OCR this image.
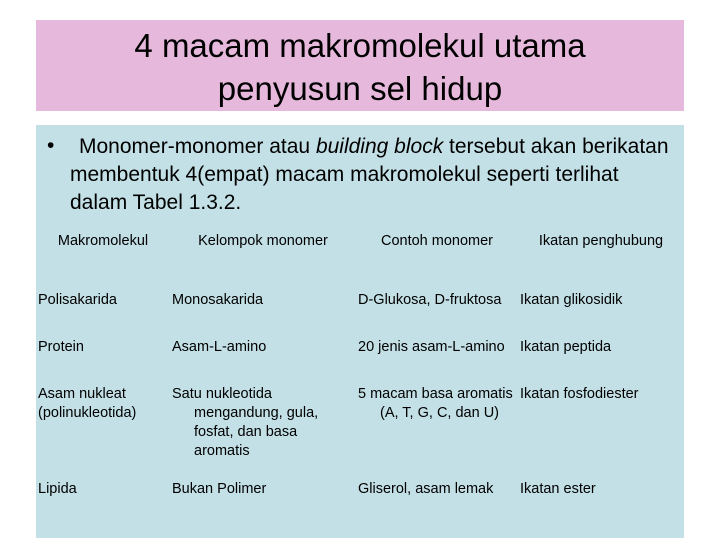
4 macam makromolekul utama
penyusun sel hidup
•	Monomer-monomer atau building block tersebut akan berikatan membentuk 4(empat) macam makromolekul seperti terlihat dalam Tabel 1.3.2.
Makromolekul	Kelompok monomer	Contoh monomer	Ikatan penghubung
Polisakarida	Monosakarida	D-Glukosa, D-fruktosa	Ikatan glikosidik
Protein	Asam-L-amino	20 jenis asam-L-amino	Ikatan peptida
Asam nukleat (polinukleotida)	Satu nukleotida mengandung, gula, fosfat, dan basa aromatis	5 macam basa aromatis (A, T, G, C, dan U)	Ikatan fosfodiester
Lipida	Bukan Polimer	Gliserol, asam lemak	Ikatan ester
